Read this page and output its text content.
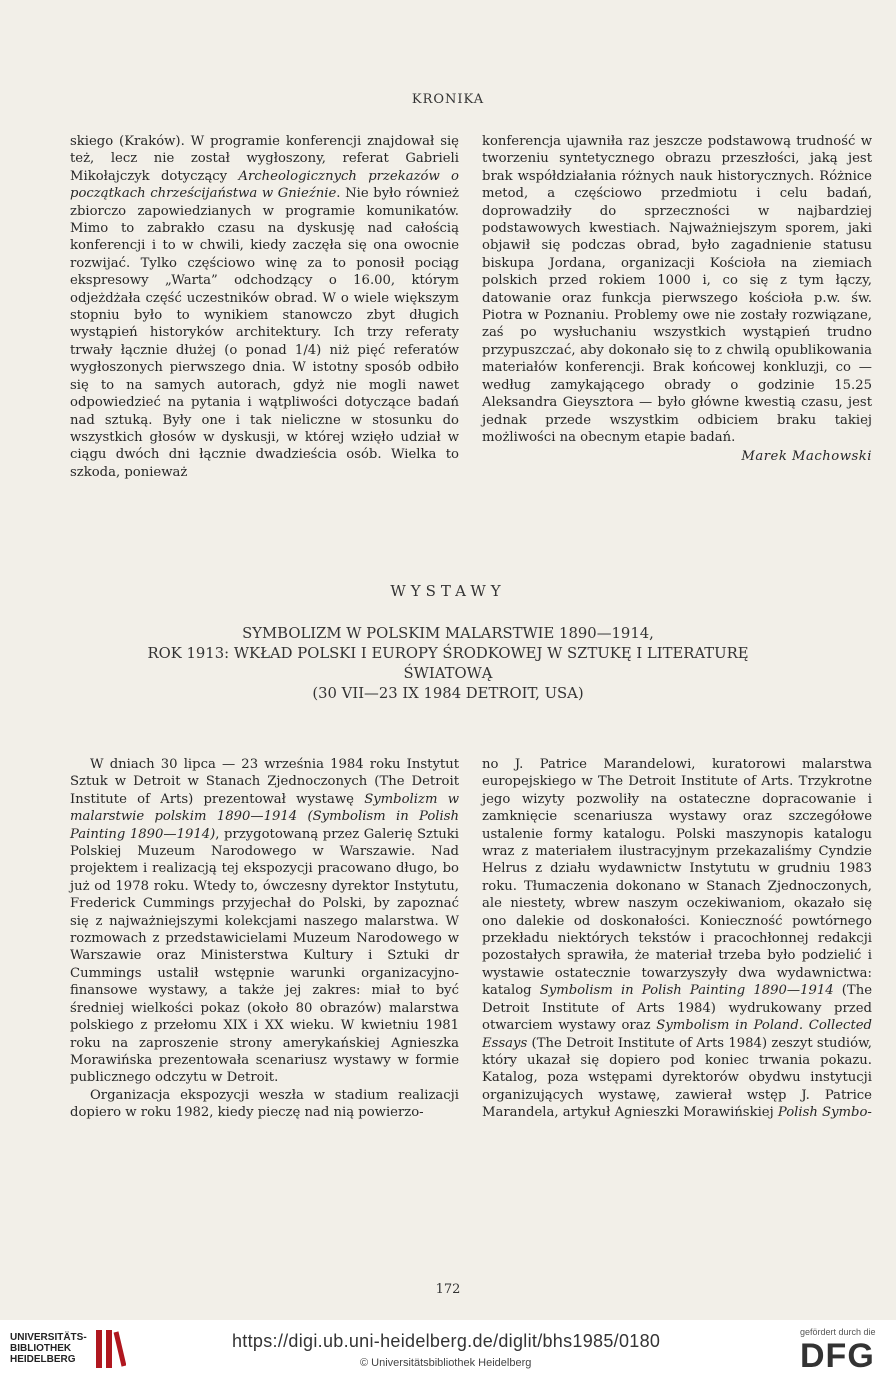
KRONIKA

skiego (Kraków). W programie konferencji znajdował się też, lecz nie został wygłoszony, referat Gabrieli Mikołajczyk dotyczący Archeologicznych przekazów o początkach chrześcijaństwa w Gnieźnie. Nie było również zbiorczo zapowiedzianych w programie komunikatów. Mimo to zabrakło czasu na dyskusję nad całością konferencji i to w chwili, kiedy zaczęła się ona owocnie rozwijać. Tylko częściowo winę za to ponosił pociąg ekspresowy „Warta” odchodzący o 16.00, którym odjeżdżała część uczestników obrad. W o wiele większym stopniu było to wynikiem stanowczo zbyt długich wystąpień historyków architektury. Ich trzy referaty trwały łącznie dłużej (o ponad 1/4) niż pięć referatów wygłoszonych pierwszego dnia. W istotny sposób odbiło się to na samych autorach, gdyż nie mogli nawet odpowiedzieć na pytania i wątpliwości dotyczące badań nad sztuką. Były one i tak nieliczne w stosunku do wszystkich głosów w dyskusji, w której wzięło udział w ciągu dwóch dni łącznie dwadzieścia osób. Wielka to szkoda, ponieważ

konferencja ujawniła raz jeszcze podstawową trudność w tworzeniu syntetycznego obrazu przeszłości, jaką jest brak współdziałania różnych nauk historycznych. Różnice metod, a częściowo przedmiotu i celu badań, doprowadziły do sprzeczności w najbardziej podstawowych kwestiach. Najważniejszym sporem, jaki objawił się podczas obrad, było zagadnienie statusu biskupa Jordana, organizacji Kościoła na ziemiach polskich przed rokiem 1000 i, co się z tym łączy, datowanie oraz funkcja pierwszego kościoła p.w. św. Piotra w Poznaniu. Problemy owe nie zostały rozwiązane, zaś po wysłuchaniu wszystkich wystąpień trudno przypuszczać, aby dokonało się to z chwilą opublikowania materiałów konferencji. Brak końcowej konkluzji, co — według zamykającego obrady o godzinie 15.25 Aleksandra Gieysztora — było główne kwestią czasu, jest jednak przede wszystkim odbiciem braku takiej możliwości na obecnym etapie badań.

Marek Machowski
WYSTAWY
SYMBOLIZM W POLSKIM MALARSTWIE 1890—1914,
ROK 1913: WKŁAD POLSKI I EUROPY ŚRODKOWEJ W SZTUKĘ I LITERATURĘ
ŚWIATOWĄ
(30 VII—23 IX 1984 DETROIT, USA)

W dniach 30 lipca — 23 września 1984 roku Instytut Sztuk w Detroit w Stanach Zjednoczonych (The Detroit Institute of Arts) prezentował wystawę Symbolizm w malarstwie polskim 1890—1914 (Symbolism in Polish Painting 1890—1914), przygotowaną przez Galerię Sztuki Polskiej Muzeum Narodowego w Warszawie. Nad projektem i realizacją tej ekspozycji pracowano długo, bo już od 1978 roku. Wtedy to, ówczesny dyrektor Instytutu, Frederick Cummings przyjechał do Polski, by zapoznać się z najważniejszymi kolekcjami naszego malarstwa. W rozmowach z przedstawicielami Muzeum Narodowego w Warszawie oraz Ministerstwa Kultury i Sztuki dr Cummings ustalił wstępnie warunki organizacyjno-finansowe wystawy, a także jej zakres: miał to być średniej wielkości pokaz (około 80 obrazów) malarstwa polskiego z przełomu XIX i XX wieku. W kwietniu 1981 roku na zaproszenie strony amerykańskiej Agnieszka Morawińska prezentowała scenariusz wystawy w formie publicznego odczytu w Detroit.

Organizacja ekspozycji weszła w stadium realizacji dopiero w roku 1982, kiedy pieczę nad nią powierzo-

no J. Patrice Marandelowi, kuratorowi malarstwa europejskiego w The Detroit Institute of Arts. Trzykrotne jego wizyty pozwoliły na ostateczne dopracowanie i zamknięcie scenariusza wystawy oraz szczegółowe ustalenie formy katalogu. Polski maszynopis katalogu wraz z materiałem ilustracyjnym przekazaliśmy Cyndzie Helrus z działu wydawnictw Instytutu w grudniu 1983 roku. Tłumaczenia dokonano w Stanach Zjednoczonych, ale niestety, wbrew naszym oczekiwaniom, okazało się ono dalekie od doskonałości. Konieczność powtórnego przekładu niektórych tekstów i pracochłonnej redakcji pozostałych sprawiła, że materiał trzeba było podzielić i wystawie ostatecznie towarzyszyły dwa wydawnictwa: katalog Symbolism in Polish Painting 1890—1914 (The Detroit Institute of Arts 1984) wydrukowany przed otwarciem wystawy oraz Symbolism in Poland. Collected Essays (The Detroit Institute of Arts 1984) zeszyt studiów, który ukazał się dopiero pod koniec trwania pokazu. Katalog, poza wstępami dyrektorów obydwu instytucji organizujących wystawę, zawierał wstęp J. Patrice Marandela, artykuł Agnieszki Morawińskiej Polish Symbo-

172
UNIVERSITÄTS-
BIBLIOTHEK
HEIDELBERG
https://digi.ub.uni-heidelberg.de/diglit/bhs1985/0180
© Universitätsbibliothek Heidelberg
gefördert durch die
DFG
